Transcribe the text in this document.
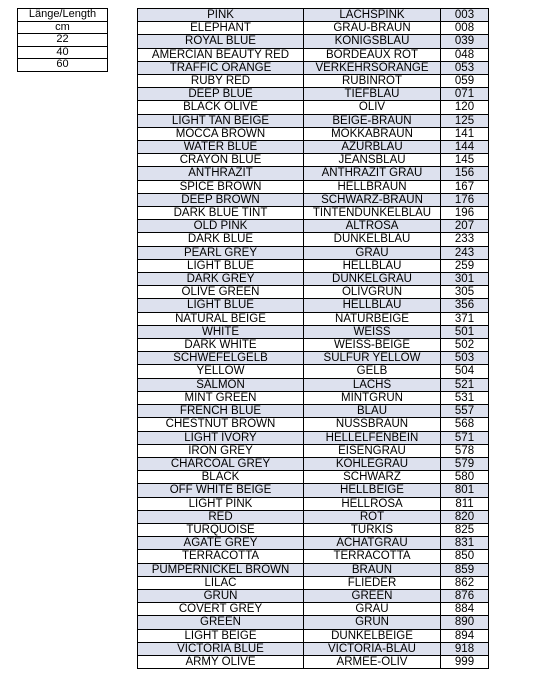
Länge/Length
cm
22
40
60
PINK	LACHSPINK	003
ELEPHANT	GRAU-BRAUN	008
ROYAL BLUE	KÖNIGSBLAU	039
AMERCIAN BEAUTY RED	BORDEAUX ROT	048
TRAFFIC ORANGE	VERKEHRSORANGE	053
RUBY RED	RUBINROT	059
DEEP BLUE	TIEFBLAU	071
BLACK OLIVE	OLIV	120
LIGHT TAN BEIGE	BEIGE-BRAUN	125
MOCCA BROWN	MOKKABRAUN	141
WATER BLUE	AZURBLAU	144
CRAYON BLUE	JEANSBLAU	145
ANTHRAZIT	ANTHRAZIT GRAU	156
SPICE BROWN	HELLBRAUN	167
DEEP BROWN	SCHWARZ-BRAUN	176
DARK BLUE TINT	TINTENDUNKELBLAU	196
OLD PINK	ALTROSA	207
DARK BLUE	DUNKELBLAU	233
PEARL GREY	GRAU	243
LIGHT BLUE	HELLBLAU	259
DARK GREY	DUNKELGRAU	301
OLIVE GREEN	OLIVGRÜN	305
LIGHT BLUE	HELLBLAU	356
NATURAL BEIGE	NATURBEIGE	371
WHITE	WEISS	501
DARK WHITE	WEISS-BEIGE	502
SCHWEFELGELB	SULFUR YELLOW	503
YELLOW	GELB	504
SALMON	LACHS	521
MINT GREEN	MINTGRÜN	531
FRENCH BLUE	BLAU	557
CHESTNUT BROWN	NUSSBRAUN	568
LIGHT IVORY	HELLELFENBEIN	571
IRON GREY	EISENGRAU	578
CHARCOAL GREY	KOHLEGRAU	579
BLACK	SCHWARZ	580
OFF WHITE BEIGE	HELLBEIGE	801
LIGHT PINK	HELLROSA	811
RED	ROT	820
TURQUOISE	TÜRKIS	825
AGATE GREY	ACHATGRAU	831
TERRACOTTA	TERRACOTTA	850
PUMPERNICKEL BROWN	BRAUN	859
LILAC	FLIEDER	862
GRÜN	GREEN	876
COVERT GREY	GRAU	884
GREEN	GRÜN	890
LIGHT BEIGE	DUNKELBEIGE	894
VICTORIA BLUE	VICTORIA-BLAU	918
ARMY OLIVE	ARMEE-OLIV	999
